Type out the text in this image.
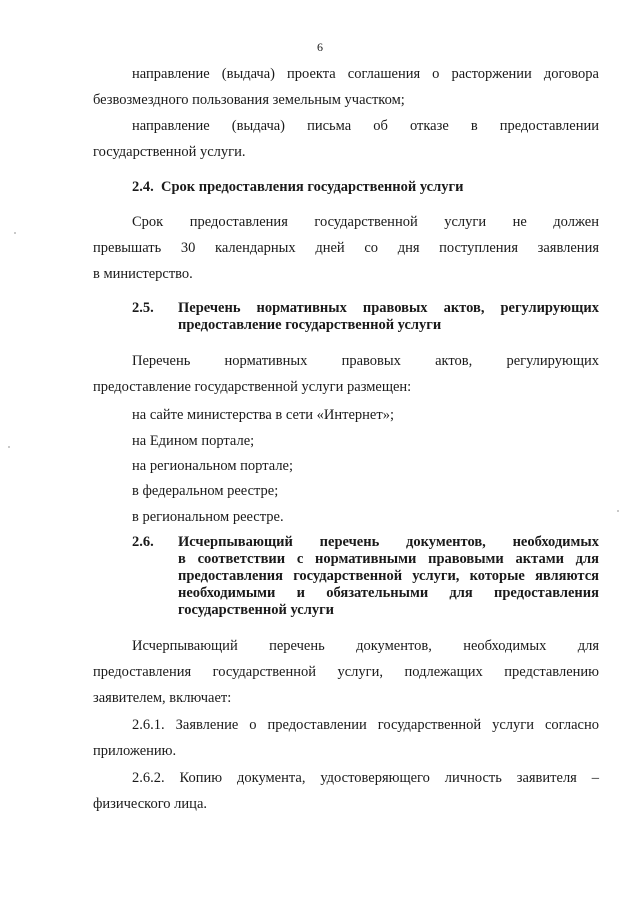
6
направление (выдача) проекта соглашения о расторжении договора
безвозмездного пользования земельным участком;
направление (выдача) письма об отказе в предоставлении
государственной услуги.
2.4. Срок предоставления государственной услуги
Срок предоставления государственной услуги не должен
превышать 30 календарных дней со дня поступления заявления
в министерство.
2.5. Перечень нормативных правовых актов, регулирующих
предоставление государственной услуги
Перечень нормативных правовых актов, регулирующих
предоставление государственной услуги размещен:
на сайте министерства в сети «Интернет»;
на Едином портале;
на региональном портале;
в федеральном реестре;
в региональном реестре.
2.6. Исчерпывающий перечень документов, необходимых
в соответствии с нормативными правовыми актами для
предоставления государственной услуги, которые являются
необходимыми и обязательными для предоставления
государственной услуги
Исчерпывающий перечень документов, необходимых для
предоставления государственной услуги, подлежащих представлению
заявителем, включает:
2.6.1. Заявление о предоставлении государственной услуги согласно
приложению.
2.6.2. Копию документа, удостоверяющего личность заявителя –
физического лица.
